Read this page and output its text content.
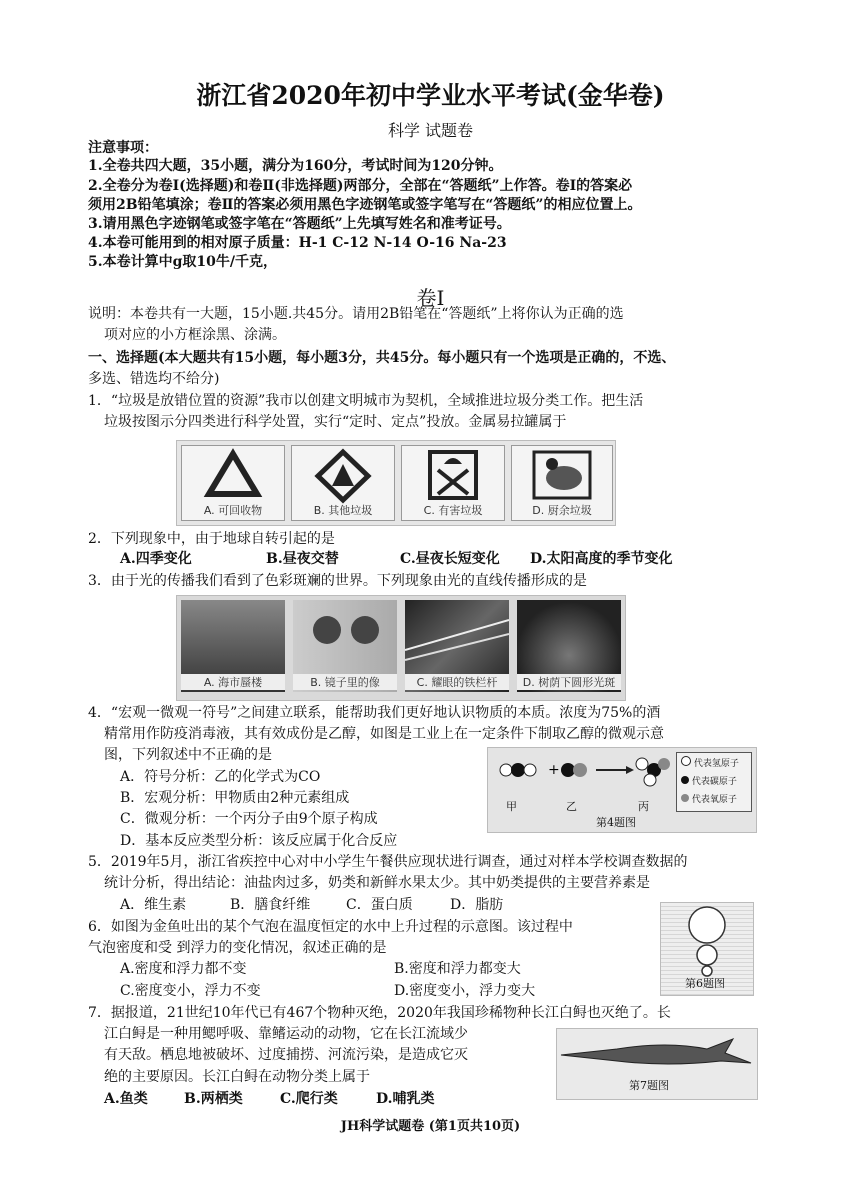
浙江省2020年初中学业水平考试(金华卷)
科学 试题卷
注意事项：
1.全卷共四大题，35小题，满分为160分，考试时间为120分钟。
2.全卷分为卷Ⅰ(选择题)和卷Ⅱ(非选择题)两部分，全部在“答题纸”上作答。卷Ⅰ的答案必
须用2B铅笔填涂；卷Ⅱ的答案必须用黑色字迹钢笔或签字笔写在“答题纸”的相应位置上。
3.请用黑色字迹钢笔或签字笔在“答题纸”上先填写姓名和准考证号。
4.本卷可能用到的相对原子质量：H-1 C-12 N-14 O-16 Na-23
5.本卷计算中g取10牛/千克，
卷Ⅰ
说明：本卷共有一大题，15小题.共45分。请用2B铅笔在“答题纸”上将你认为正确的选
项对应的小方框涂黑、涂满。
一、选择题(本大题共有15小题，每小题3分，共45分。每小题只有一个选项是正确的，不选、
多选、错选均不给分)
1．“垃圾是放错位置的资源”我市以创建文明城市为契机，全域推进垃圾分类工作。把生活
垃圾按图示分四类进行科学处置，实行“定时、定点”投放。金属易拉罐属于
A. 可回收物	B. 其他垃圾	C. 有害垃圾	D. 厨余垃圾
2．下列现象中，由于地球自转引起的是
A.四季变化	B.昼夜交替	C.昼夜长短变化 D.太阳高度的季节变化
3．由于光的传播我们看到了色彩斑斓的世界。下列现象由光的直线传播形成的是
A. 海市蜃楼	B. 镜子里的像	C. 耀眼的铁栏杆	D. 树荫下圆形光斑
4．“宏观一微观一符号”之间建立联系，能帮助我们更好地认识物质的本质。浓度为75%的酒
精常用作防疫消毒液，其有效成份是乙醇，如图是工业上在一定条件下制取乙醇的微观示意
图，下列叙述中不正确的是
A．符号分析：乙的化学式为CO
B．宏观分析：甲物质由2种元素组成
C．微观分析：一个丙分子由9个原子构成
D．基本反应类型分析：该反应属于化合反应
+
甲	乙	丙
代表氢原子
代表碳原子
代表氧原子
第4题图
5．2019年5月，浙江省疾控中心对中小学生午餐供应现状进行调查，通过对样本学校调查数据的
统计分析，得出结论：油盐肉过多，奶类和新鲜水果太少。其中奶类提供的主要营养素是
A．维生素	B．膳食纤维	C．蛋白质	D．脂肪
6．如图为金鱼吐出的某个气泡在温度恒定的水中上升过程的示意图。该过程中
气泡密度和受 到浮力的变化情况，叙述正确的是
A.密度和浮力都不变	B.密度和浮力都变大
C.密度变小，浮力不变	D.密度变小，浮力变大	第6题图
7．据报道，21世纪10年代已有467个物种灭绝，2020年我国珍稀物种长江白鲟也灭绝了。长
江白鲟是一种用鳃呼吸、靠鳍运动的动物，它在长江流域少
有天敌。栖息地被破坏、过度捕捞、河流污染，是造成它灭
绝的主要原因。长江白鲟在动物分类上属于
A.鱼类	B.两栖类	C.爬行类	D.哺乳类
第7题图
JH科学试题卷 (第1页共10页)
